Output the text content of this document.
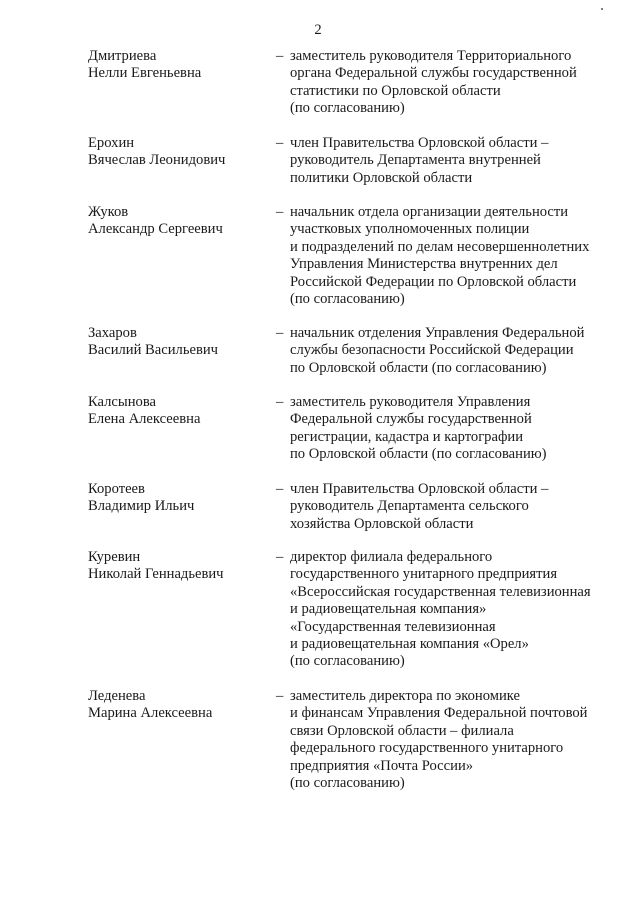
2
Дмитриева
Нелли Евгеньевна
– заместитель руководителя Территориального
органа Федеральной службы государственной
статистики по Орловской области
(по согласованию)
Ерохин
Вячеслав Леонидович
– член Правительства Орловской области –
руководитель Департамента внутренней
политики Орловской области
Жуков
Александр Сергеевич
– начальник отдела организации деятельности
участковых уполномоченных полиции
и подразделений по делам несовершеннолетних
Управления Министерства внутренних дел
Российской Федерации по Орловской области
(по согласованию)
Захаров
Василий Васильевич
– начальник отделения Управления Федеральной
службы безопасности Российской Федерации
по Орловской области (по согласованию)
Калсынова
Елена Алексеевна
– заместитель руководителя Управления
Федеральной службы государственной
регистрации, кадастра и картографии
по Орловской области (по согласованию)
Коротеев
Владимир Ильич
– член Правительства Орловской области –
руководитель Департамента сельского
хозяйства Орловской области
Куревин
Николай Геннадьевич
– директор филиала федерального
государственного унитарного предприятия
«Всероссийская государственная телевизионная
и радиовещательная компания»
«Государственная телевизионная
и радиовещательная компания «Орел»
(по согласованию)
Леденева
Марина Алексеевна
– заместитель директора по экономике
и финансам Управления Федеральной почтовой
связи Орловской области – филиала
федерального государственного унитарного
предприятия «Почта России»
(по согласованию)
